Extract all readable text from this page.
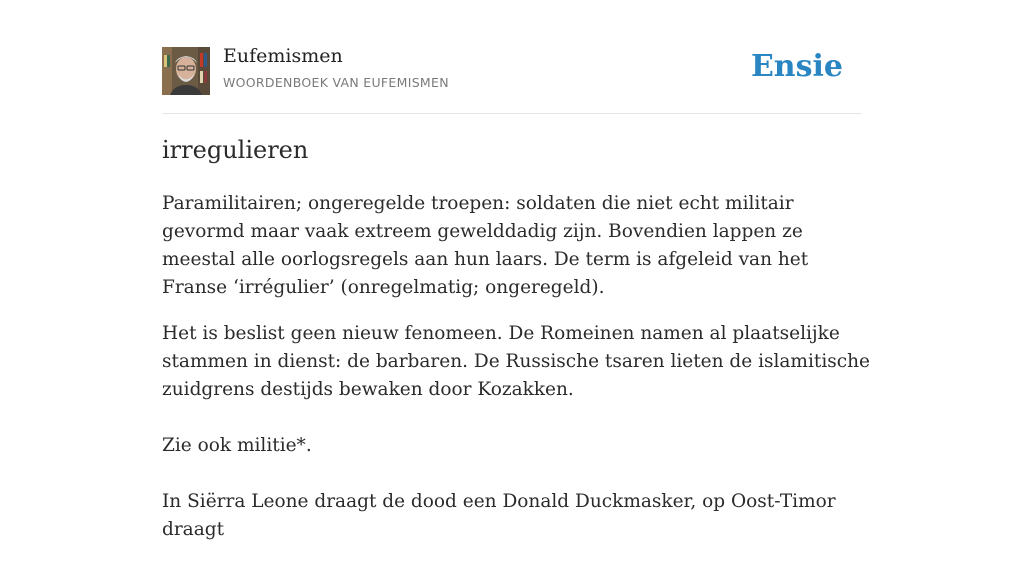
Eufemismen
WOORDENBOEK VAN EUFEMISMEN	Ensie
irregulieren

Paramilitairen; ongeregelde troepen: soldaten die niet echt militair gevormd maar vaak extreem gewelddadig zijn. Bovendien lappen ze meestal alle oorlogsregels aan hun laars. De term is afgeleid van het Franse ‘irrégulier’ (onregelmatig; ongeregeld).

Het is beslist geen nieuw fenomeen. De Romeinen namen al plaatselijke stammen in dienst: de barbaren. De Russische tsaren lieten de islamitische zuidgrens destijds bewaken door Kozakken.

Zie ook militie*.

In Siërra Leone draagt de dood een Donald Duckmasker, op Oost-Timor draagt
